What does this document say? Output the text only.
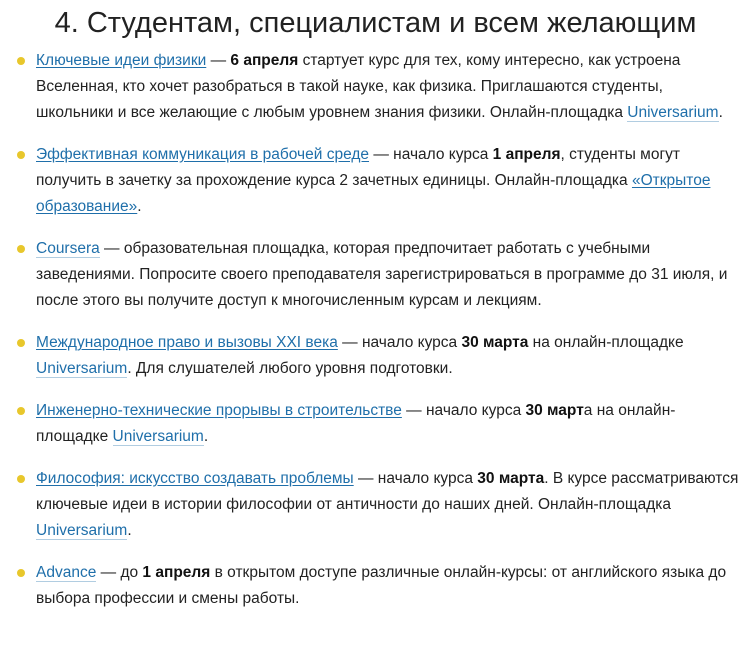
4. Студентам, специалистам и всем желающим
Ключевые идеи физики — 6 апреля стартует курс для тех, кому интересно, как устроена Вселенная, кто хочет разобраться в такой науке, как физика. Приглашаются студенты, школьники и все желающие с любым уровнем знания физики. Онлайн-площадка Universarium.
Эффективная коммуникация в рабочей среде — начало курса 1 апреля, студенты могут получить в зачетку за прохождение курса 2 зачетных единицы. Онлайн-площадка «Открытое образование».
Coursera — образовательная площадка, которая предпочитает работать с учебными заведениями. Попросите своего преподавателя зарегистрироваться в программе до 31 июля, и после этого вы получите доступ к многочисленным курсам и лекциям.
Международное право и вызовы XXI века — начало курса 30 марта на онлайн-площадке Universarium. Для слушателей любого уровня подготовки.
Инженерно-технические прорывы в строительстве — начало курса 30 марта на онлайн-площадке Universarium.
Философия: искусство создавать проблемы — начало курса 30 марта. В курсе рассматриваются ключевые идеи в истории философии от античности до наших дней. Онлайн-площадка Universarium.
Advance — до 1 апреля в открытом доступе различные онлайн-курсы: от английского языка до выбора профессии и смены работы.
